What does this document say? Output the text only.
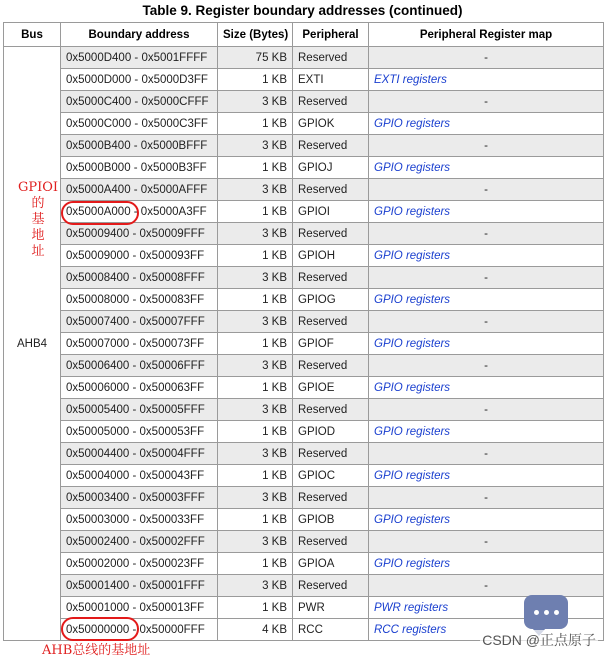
Table 9. Register boundary addresses (continued)
Bus	Boundary address	Size (Bytes)	Peripheral	Peripheral Register map
AHB4	0x5000D400 - 0x5001FFFF	75 KB	Reserved	-
	0x5000D000 - 0x5000D3FF	1 KB	EXTI	EXTI registers
	0x5000C400 - 0x5000CFFF	3 KB	Reserved	-
	0x5000C000 - 0x5000C3FF	1 KB	GPIOK	GPIO registers
	0x5000B400 - 0x5000BFFF	3 KB	Reserved	-
	0x5000B000 - 0x5000B3FF	1 KB	GPIOJ	GPIO registers
	0x5000A400 - 0x5000AFFF	3 KB	Reserved	-
	0x5000A000 - 0x5000A3FF	1 KB	GPIOI	GPIO registers
	0x50009400 - 0x50009FFF	3 KB	Reserved	-
	0x50009000 - 0x500093FF	1 KB	GPIOH	GPIO registers
	0x50008400 - 0x50008FFF	3 KB	Reserved	-
	0x50008000 - 0x500083FF	1 KB	GPIOG	GPIO registers
	0x50007400 - 0x50007FFF	3 KB	Reserved	-
	0x50007000 - 0x500073FF	1 KB	GPIOF	GPIO registers
	0x50006400 - 0x50006FFF	3 KB	Reserved	-
	0x50006000 - 0x500063FF	1 KB	GPIOE	GPIO registers
	0x50005400 - 0x50005FFF	3 KB	Reserved	-
	0x50005000 - 0x500053FF	1 KB	GPIOD	GPIO registers
	0x50004400 - 0x50004FFF	3 KB	Reserved	-
	0x50004000 - 0x500043FF	1 KB	GPIOC	GPIO registers
	0x50003400 - 0x50003FFF	3 KB	Reserved	-
	0x50003000 - 0x500033FF	1 KB	GPIOB	GPIO registers
	0x50002400 - 0x50002FFF	3 KB	Reserved	-
	0x50002000 - 0x500023FF	1 KB	GPIOA	GPIO registers
	0x50001400 - 0x50001FFF	3 KB	Reserved	-
	0x50001000 - 0x500013FF	1 KB	PWR	PWR registers
	0x50000000 - 0x50000FFF	4 KB	RCC	RCC registers
GPIOI
的
基
地
址
AHB总线的基地址
CSDN @正点原子
